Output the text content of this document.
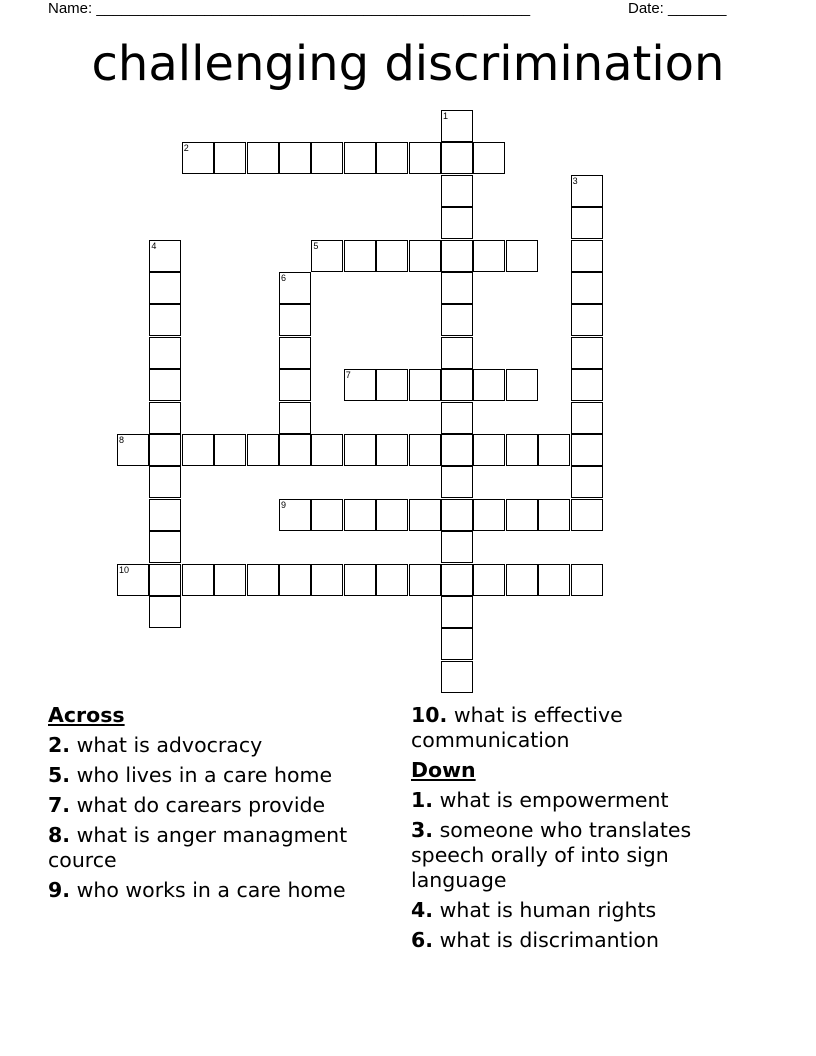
Name: ____________________________________________________	Date: _______
challenging discrimination
1
2
3
4	5
6
7
8
9
10
Across
2. what is advocracy
5. who lives in a care home
7. what do carears provide
8. what is anger managment cource
9. who works in a care home
10. what is effective communication
Down
1. what is empowerment
3. someone who translates speech orally of into sign language
4. what is human rights
6. what is discrimantion
